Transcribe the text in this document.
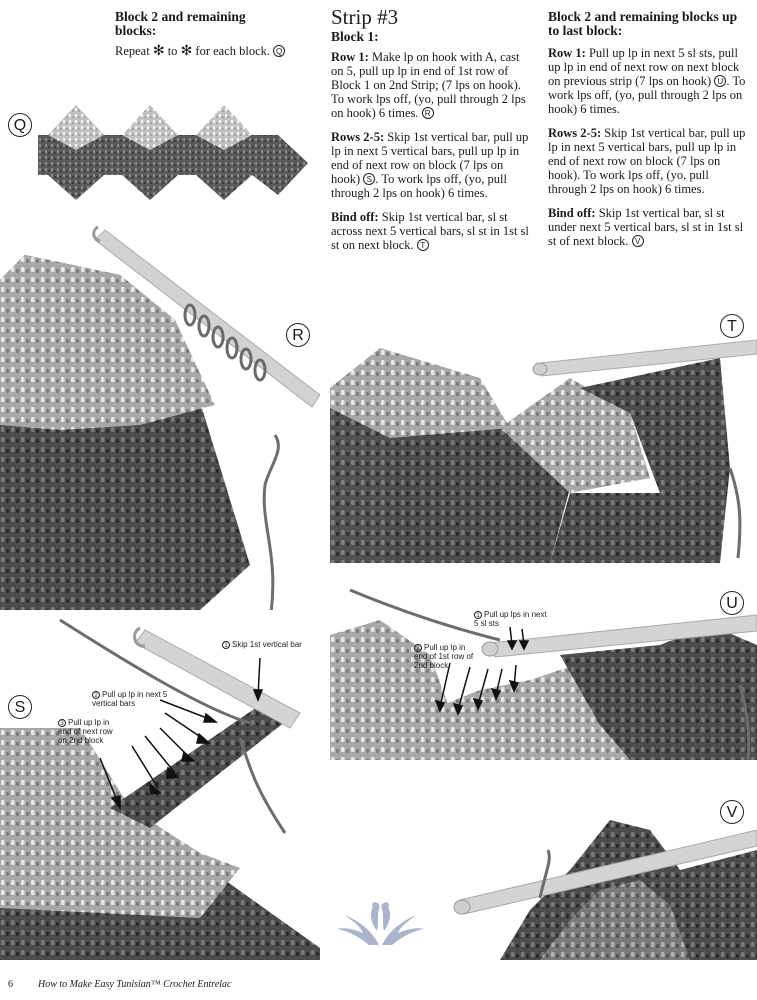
Block 2 and remaining blocks:
Repeat ✻ to ✻ for each block. Q
Strip #3
Block 1:

Row 1: Make lp on hook with A, cast on 5, pull up lp in end of 1st row of Block 1 on 2nd Strip; (7 lps on hook). To work lps off, (yo, pull through 2 lps on hook) 6 times. R

Rows 2-5: Skip 1st vertical bar, pull up lp in next 5 vertical bars, pull up lp in end of next row on block (7 lps on hook) S . To work lps off, (yo, pull through 2 lps on hook) 6 times.

Bind off: Skip 1st vertical bar, sl st across next 5 vertical bars, sl st in 1st sl st on next block. T

Block 2 and remaining blocks up to last block:

Row 1: Pull up lp in next 5 sl sts, pull up lp in end of next row on next block on previous strip (7 lps on hook) U . To work lps off, (yo, pull through 2 lps on hook) 6 times.

Rows 2-5: Skip 1st vertical bar, pull up lp in next 5 vertical bars, pull up lp in end of next row on block (7 lps on hook). To work lps off, (yo, pull through 2 lps on hook) 6 times.

Bind off: Skip 1st vertical bar, sl st under next 5 vertical bars, sl st in 1st sl st of next block. V

Q
R
T
S
1 Skip 1st vertical bar
2 Pull up lp in next 5 vertical bars
3 Pull up lp in end of next row on 2nd block
U
1 Pull up lps in next 5 sl sts
2 Pull up lp in end of 1st row of 2nd block
V
6	How to Make Easy Tunisian™ Crochet Entrelac
